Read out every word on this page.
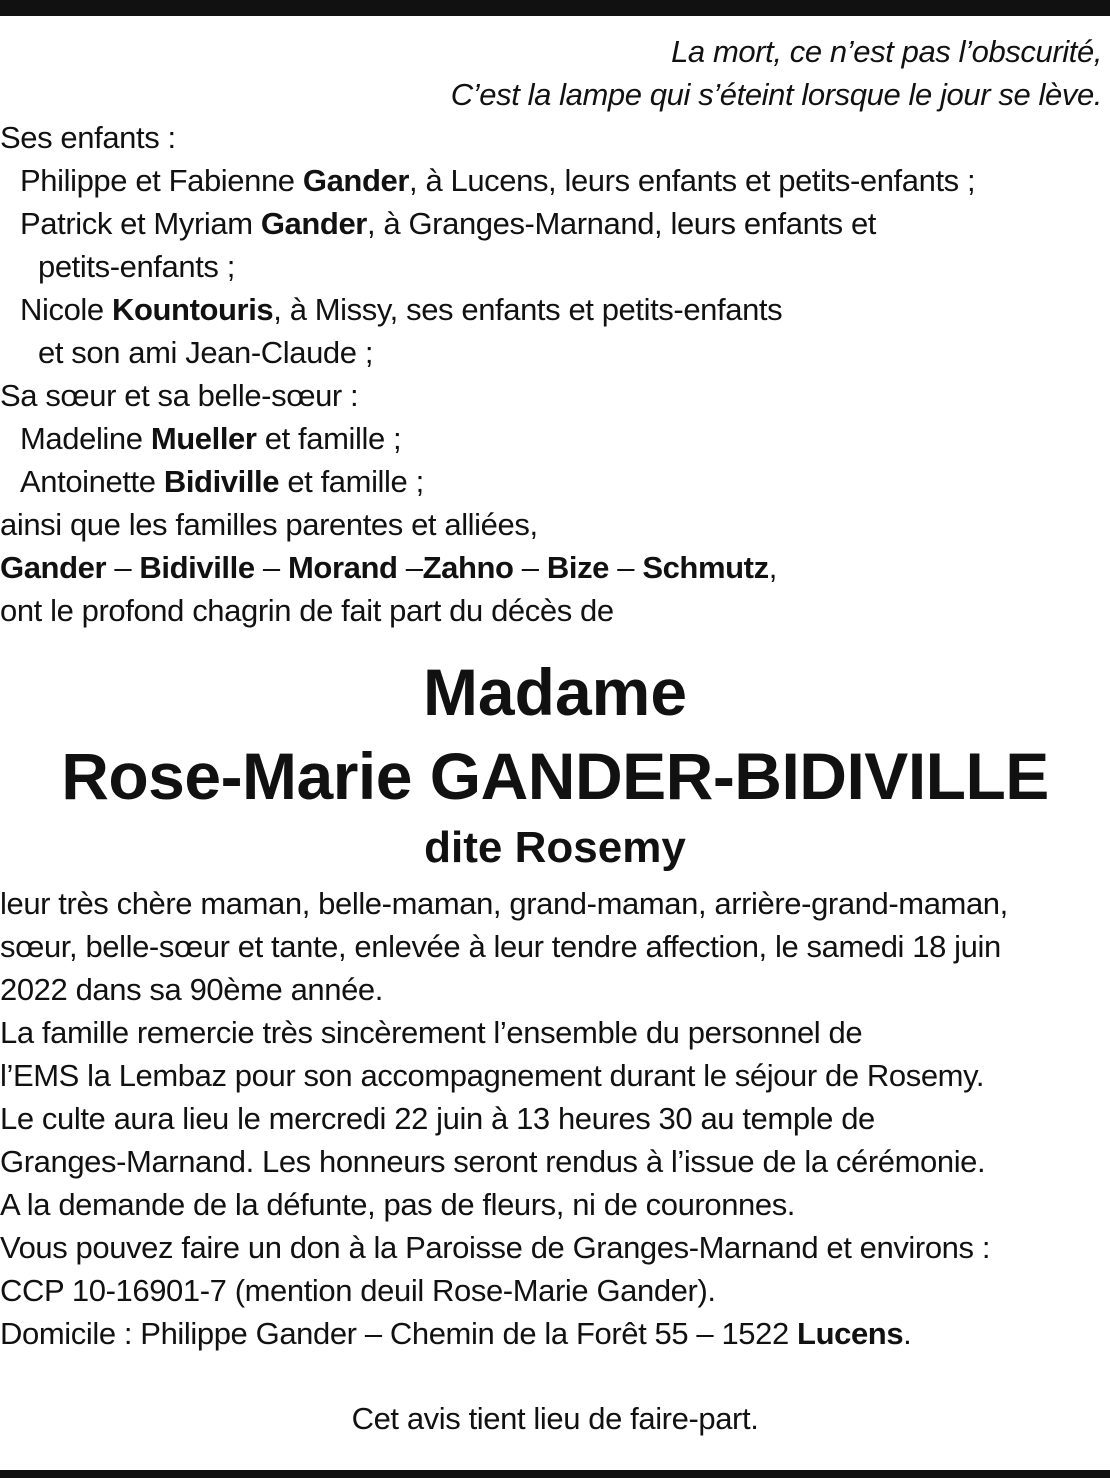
La mort, ce n’est pas l’obscurité,
C’est la lampe qui s’éteint lorsque le jour se lève.
Ses enfants :
Philippe et Fabienne Gander, à Lucens, leurs enfants et petits-enfants ;
Patrick et Myriam Gander, à Granges-Marnand, leurs enfants et
petits-enfants ;
Nicole Kountouris, à Missy, ses enfants et petits-enfants
et son ami Jean-Claude ;
Sa sœur et sa belle-sœur :
Madeline Mueller et famille ;
Antoinette Bidiville et famille ;
ainsi que les familles parentes et alliées,
Gander – Bidiville – Morand –Zahno – Bize – Schmutz,
ont le profond chagrin de fait part du décès de
Madame
Rose-Marie GANDER-BIDIVILLE
dite Rosemy
leur très chère maman, belle-maman, grand-maman, arrière-grand-maman,
sœur, belle-sœur et tante, enlevée à leur tendre affection, le samedi 18 juin
2022 dans sa 90ème année.
La famille remercie très sincèrement l’ensemble du personnel de
l’EMS la Lembaz pour son accompagnement durant le séjour de Rosemy.
Le culte aura lieu le mercredi 22 juin à 13 heures 30 au temple de
Granges-Marnand. Les honneurs seront rendus à l’issue de la cérémonie.
A la demande de la défunte, pas de fleurs, ni de couronnes.
Vous pouvez faire un don à la Paroisse de Granges-Marnand et environs :
CCP 10-16901-7 (mention deuil Rose-Marie Gander).
Domicile : Philippe Gander – Chemin de la Forêt 55 – 1522 Lucens.
Cet avis tient lieu de faire-part.
